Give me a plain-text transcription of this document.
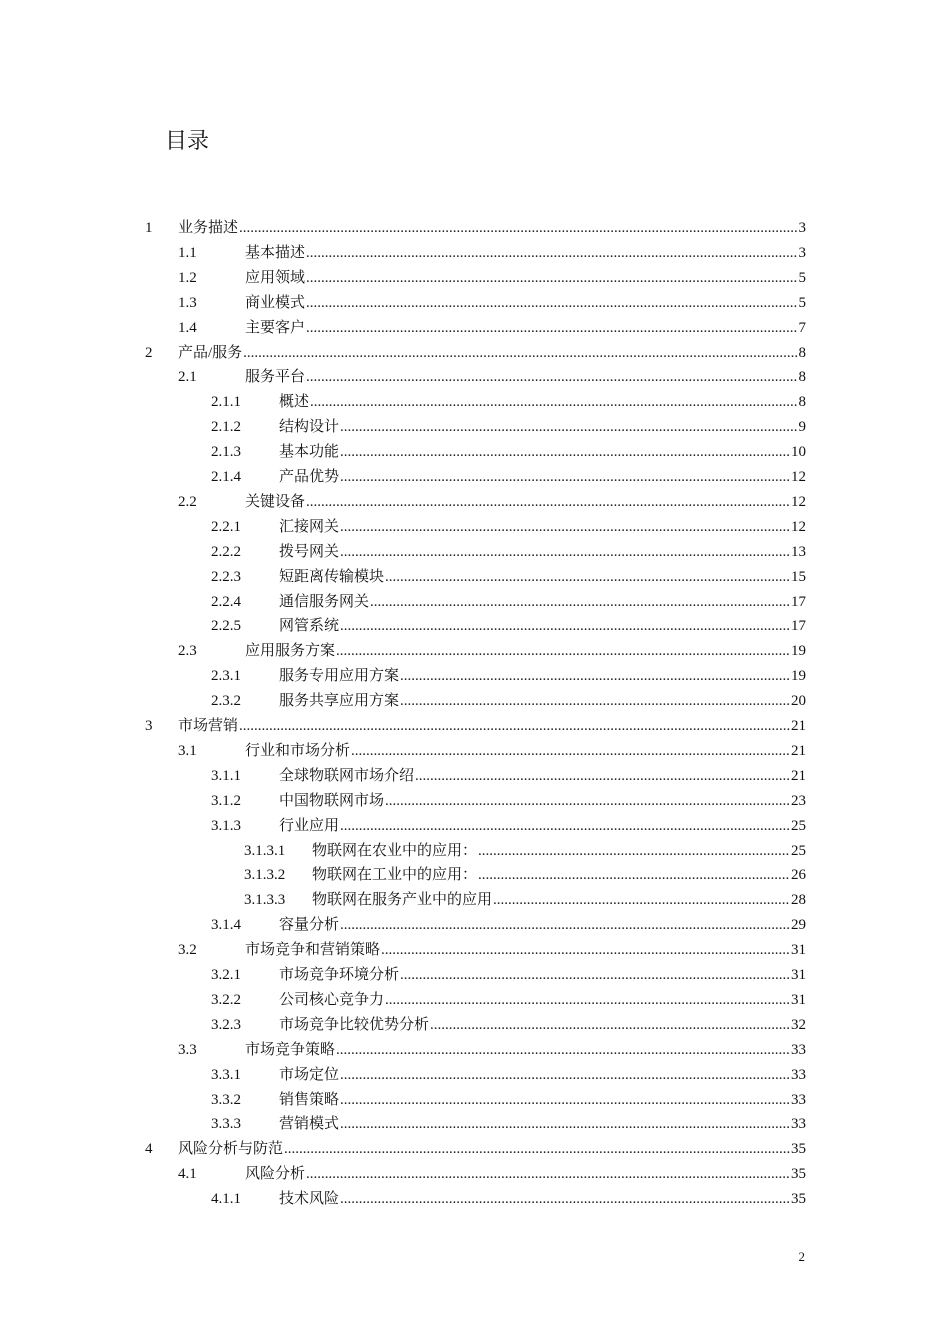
目录
1 业务描述 .....	3
1.1	基本描述 .....	3
1.2	应用领域 .....	5
1.3	商业模式 .....	5
1.4	主要客户 .....	7
2 产品/服务 .....	8
2.1	服务平台 .....	8
2.1.1	概述 .....	8
2.1.2	结构设计 .....	9
2.1.3	基本功能 .....	10
2.1.4	产品优势 .....	12
2.2	关键设备 .....	12
2.2.1	汇接网关 .....	12
2.2.2	拨号网关 .....	13
2.2.3	短距离传输模块 .....	15
2.2.4	通信服务网关 .....	17
2.2.5	网管系统 .....	17
2.3	应用服务方案 .....	19
2.3.1	服务专用应用方案 .....	19
2.3.2	服务共享应用方案 .....	20
3 市场营销 .....	21
3.1	行业和市场分析 .....	21
3.1.1	全球物联网市场介绍 .....	21
3.1.2	中国物联网市场 .....	23
3.1.3	行业应用 .....	25
3.1.3.1 物联网在农业中的应用： .....	25
3.1.3.2 物联网在工业中的应用： .....	26
3.1.3.3 物联网在服务产业中的应用 .....	28
3.1.4	容量分析 .....	29
3.2	市场竞争和营销策略 .....	31
3.2.1	市场竞争环境分析 .....	31
3.2.2	公司核心竞争力 .....	31
3.2.3	市场竞争比较优势分析 .....	32
3.3	市场竞争策略 .....	33
3.3.1	市场定位 .....	33
3.3.2	销售策略 .....	33
3.3.3	营销模式 .....	33
4 风险分析与防范 .....	35
4.1	风险分析 .....	35
4.1.1	技术风险 .....	35
2
